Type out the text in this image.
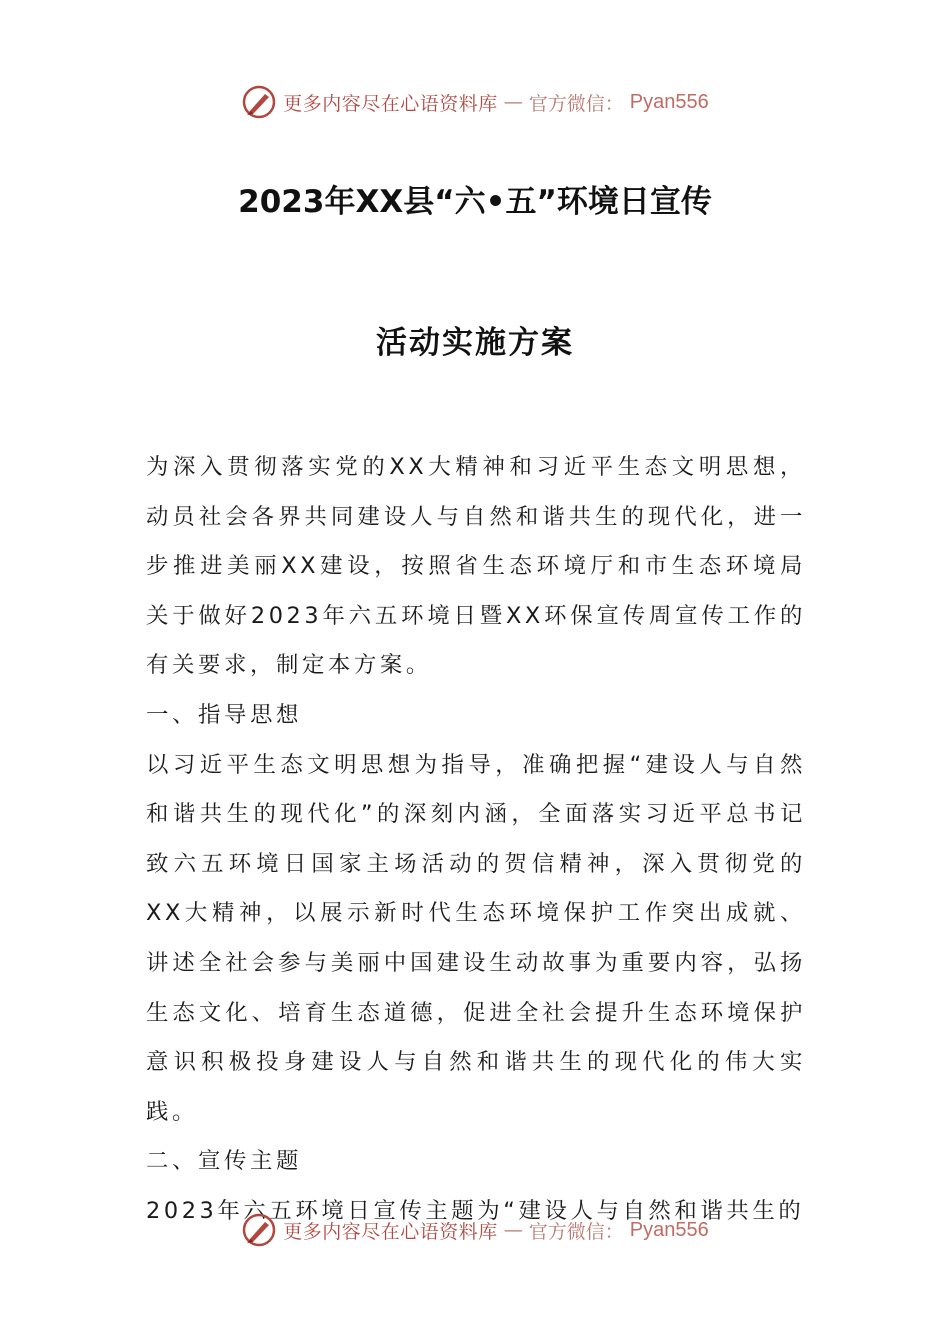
更多内容尽在心语资料库 — 官方微信： Pyan556
2023年XX县“六•五”环境日宣传
活动实施方案

为深入贯彻落实党的XX大精神和习近平生态文明思想，动员社会各界共同建设人与自然和谐共生的现代化，进一步推进美丽XX建设，按照省生态环境厅和市生态环境局关于做好2023年六五环境日暨XX环保宣传周宣传工作的有关要求，制定本方案。

一、指导思想

以习近平生态文明思想为指导，准确把握“建设人与自然和谐共生的现代化”的深刻内涵，全面落实习近平总书记致六五环境日国家主场活动的贺信精神，深入贯彻党的XX大精神，以展示新时代生态环境保护工作突出成就、讲述全社会参与美丽中国建设生动故事为重要内容，弘扬生态文化、培育生态道德，促进全社会提升生态环境保护意识积极投身建设人与自然和谐共生的现代化的伟大实践。

二、宣传主题

2023年六五环境日宣传主题为“建设人与自然和谐共生的

更多内容尽在心语资料库 — 官方微信： Pyan556
